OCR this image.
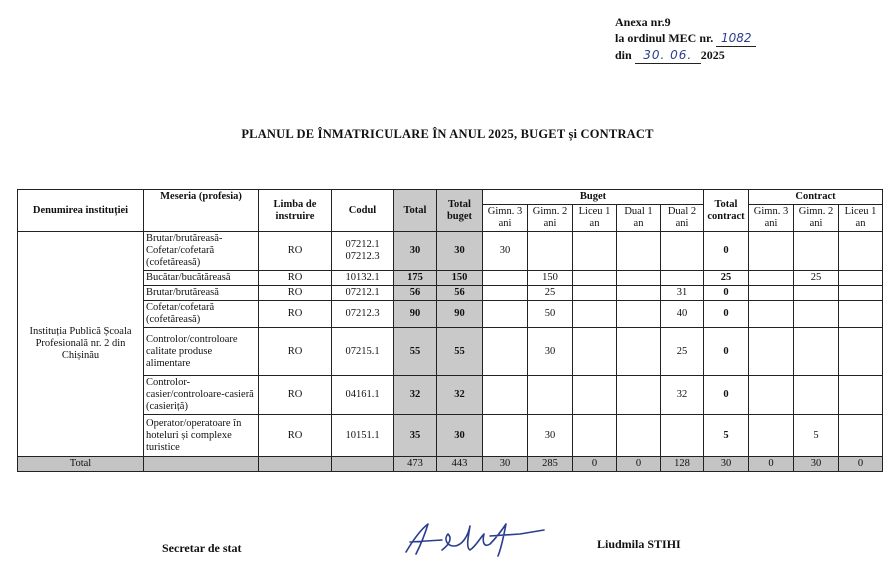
Anexa nr.9
la ordinul MEC nr. 1082
din 30. 06. 2025
PLANUL DE ÎNMATRICULARE ÎN ANUL 2025, BUGET și CONTRACT
Denumirea instituției	Meseria (profesia)	Limba de instruire	Codul	Total	Total buget	Buget					Total contract	Contract		
						Gimn. 3 ani	Gimn. 2 ani	Liceu 1 an	Dual 1 an	Dual 2 ani		Gimn. 3 ani	Gimn. 2 ani	Liceu 1 an
Instituția Publică Școala Profesională nr. 2 din Chișinău	Brutar/brutăreasă-Cofetar/cofetară (cofetăreasă)	RO	07212.1 07212.3	30	30	30					0			
	Bucătar/bucătăreasă	RO	10132.1	175	150		150				25		25	
	Brutar/brutăreasă	RO	07212.1	56	56		25			31	0			
	Cofetar/cofetară (cofetăreasă)	RO	07212.3	90	90		50			40	0			
	Controlor/controloare calitate produse alimentare	RO	07215.1	55	55		30			25	0			
	Controlor-casier/controloare-casieră (casieriță)	RO	04161.1	32	32					32	0			
	Operator/operatoare în hoteluri și complexe turistice	RO	10151.1	35	30		30				5		5	
Total				473	443	30	285	0	0	128	30	0	30	0
Secretar de stat	Liudmila STIHI
